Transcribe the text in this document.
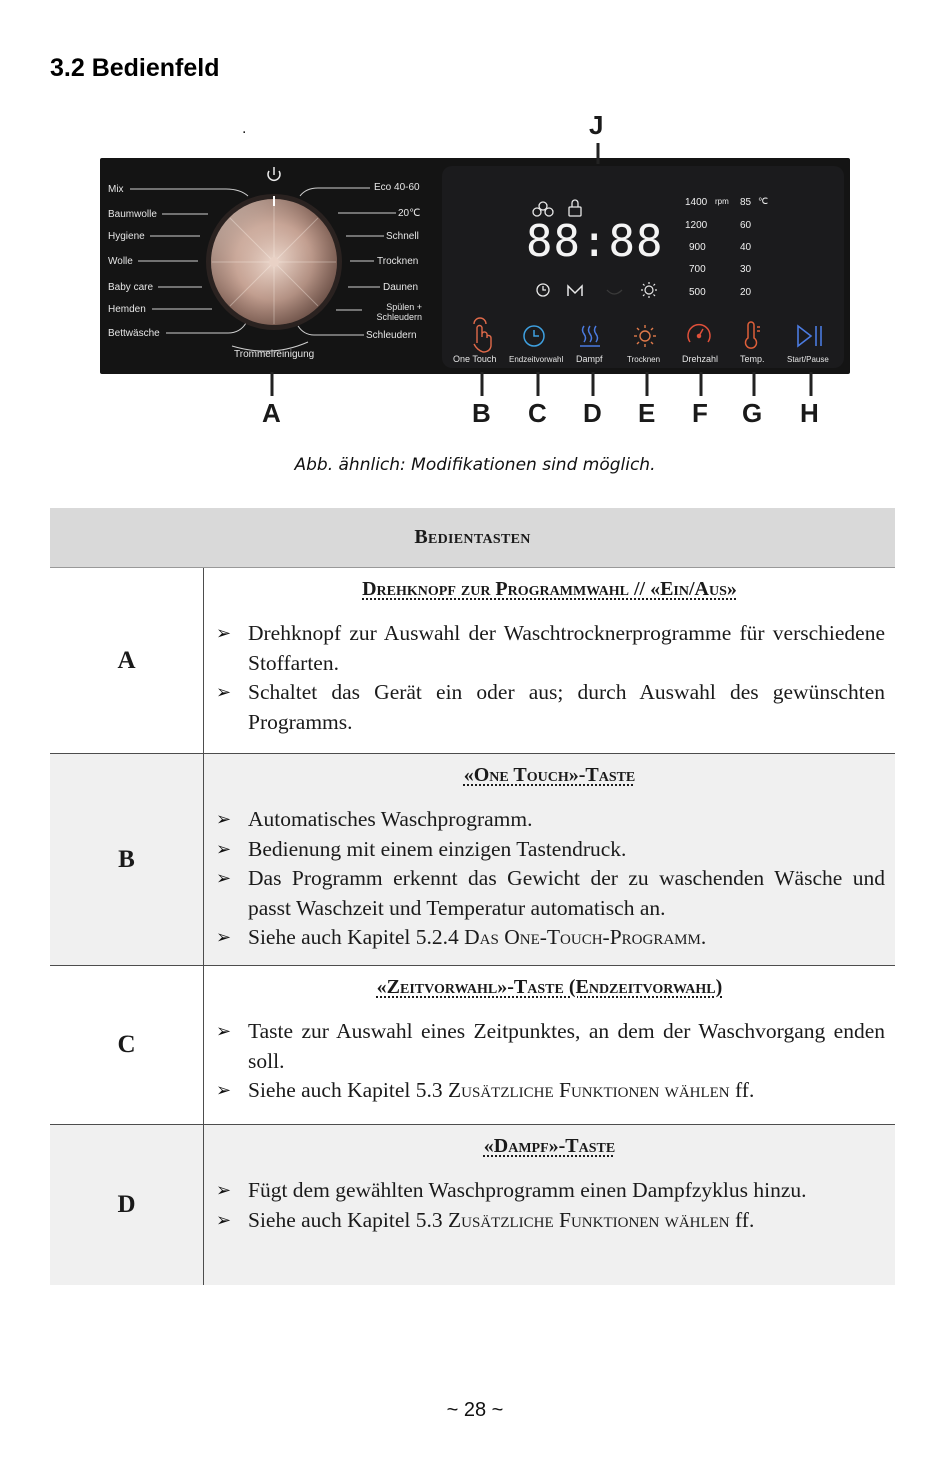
3.2 Bedienfeld
.
Mix
Baumwolle
Hygiene
Wolle
Baby care
Hemden
Bettwäsche
Eco 40-60
20℃
Schnell
Trocknen
Daunen
Spülen +
Schleudern
Schleudern
Trommelreinigung
88:88
1400 rpm
1200
900
700
500
85 ℃
60
40
30
20
One Touch Endzeitvorwahl Dampf	Trocknen Drehzahl Temp.	Start/Pause
J
A	B C D E F G H
Abb. ähnlich: Modifikationen sind möglich.
Bedientasten
A
Drehknopf zur Programmwahl // «Ein/Aus»
➢ Drehknopf zur Auswahl der Waschtrocknerprogramme für verschiedene Stoffarten.
➢ Schaltet das Gerät ein oder aus; durch Auswahl des gewünschten Programms.
B
«One Touch»-Taste
➢ Automatisches Waschprogramm.
➢ Bedienung mit einem einzigen Tastendruck.
➢ Das Programm erkennt das Gewicht der zu waschenden Wäsche und passt Waschzeit und Temperatur automatisch an.
➢ Siehe auch Kapitel 5.2.4 Das One-Touch-Programm.
C
«Zeitvorwahl»-Taste (Endzeitvorwahl)
➢ Taste zur Auswahl eines Zeitpunktes, an dem der Waschvorgang enden soll.
➢ Siehe auch Kapitel 5.3 Zusätzliche Funktionen wählen ff.
D
«Dampf»-Taste
➢ Fügt dem gewählten Waschprogramm einen Dampfzyklus hinzu.
➢ Siehe auch Kapitel 5.3 Zusätzliche Funktionen wählen ff.
~ 28 ~
